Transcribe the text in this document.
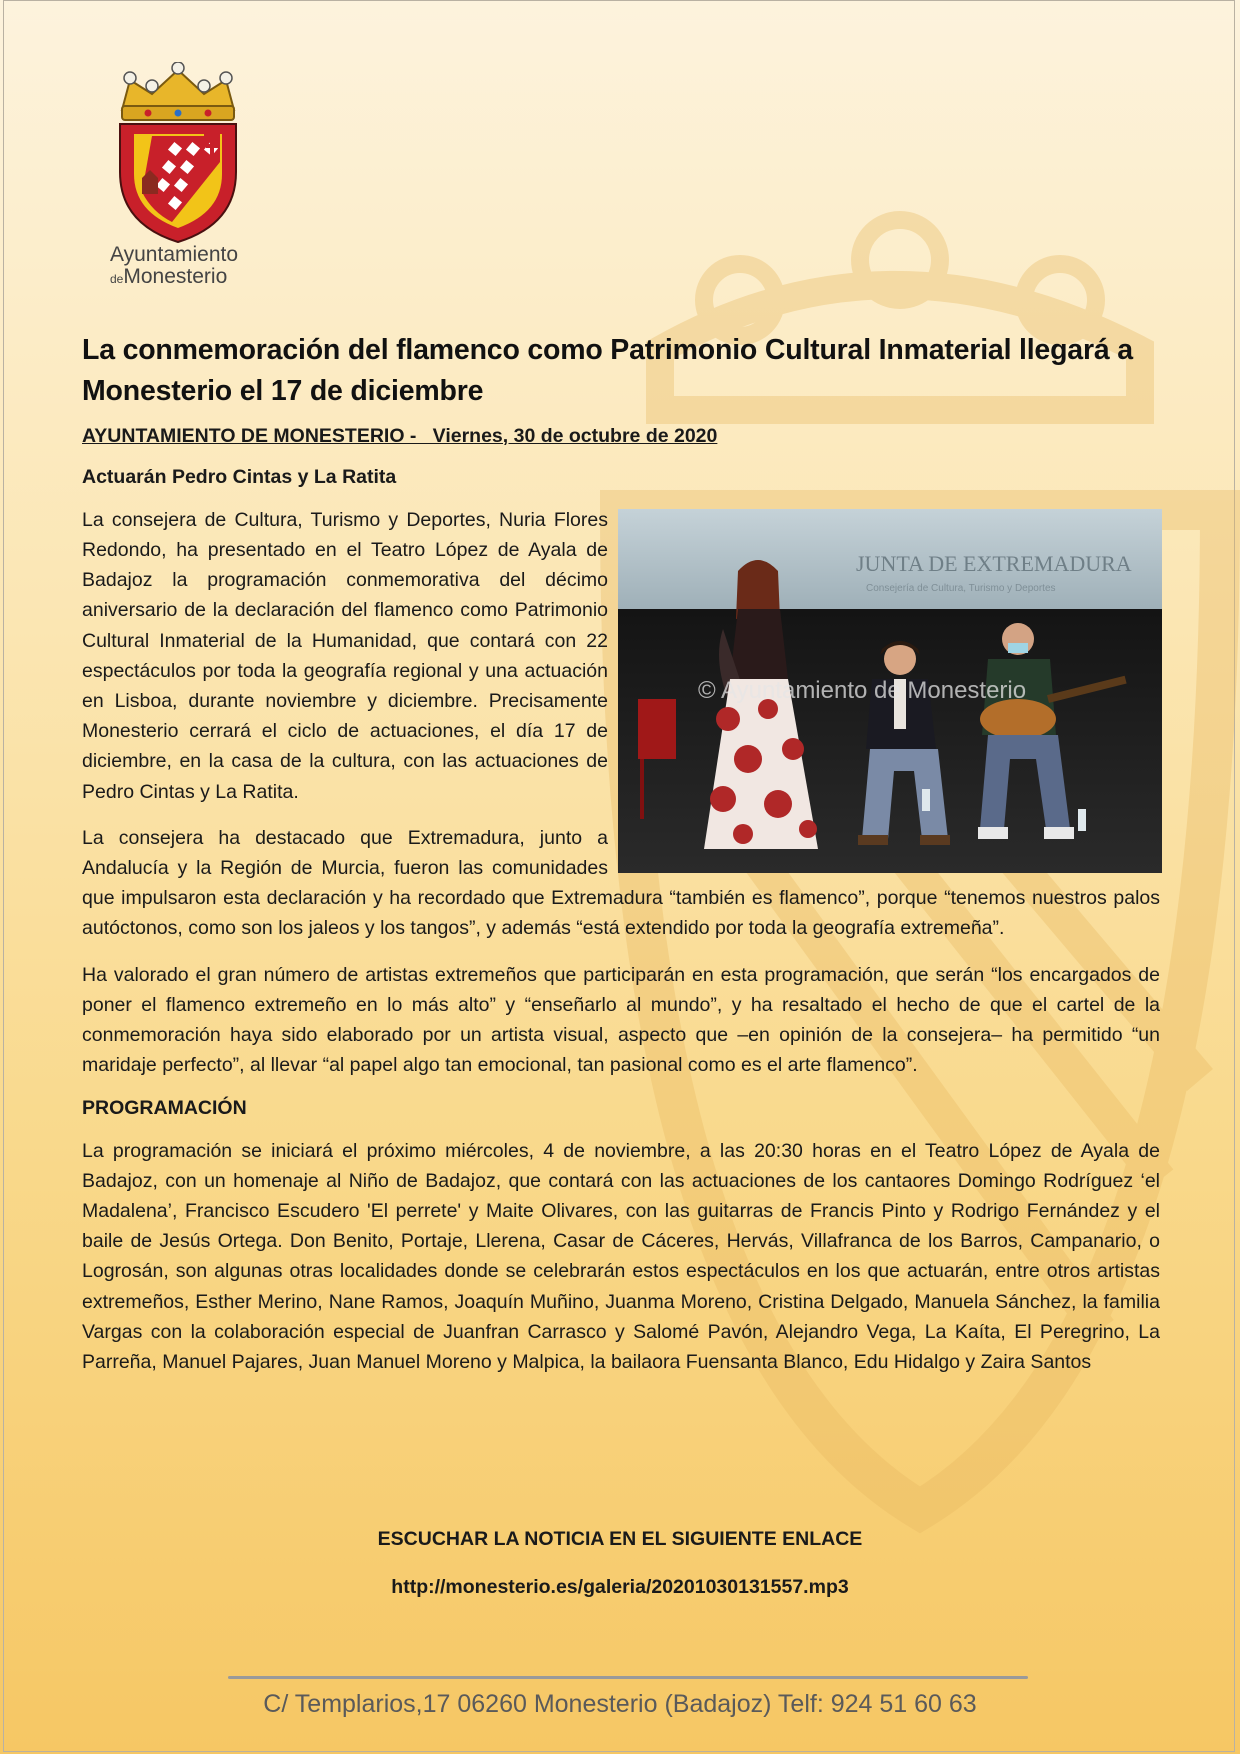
Ayuntamiento
deMonesterio
La conmemoración del flamenco como Patrimonio Cultural Inmaterial llegará a Monesterio el 17 de diciembre
AYUNTAMIENTO DE MONESTERIO -   Viernes, 30 de octubre de 2020
Actuarán Pedro Cintas y La Ratita
JUNTA DE EXTREMADURA
Consejería de Cultura, Turismo y Deportes
© Ayuntamiento de Monesterio

La consejera de Cultura, Turismo y Deportes, Nuria Flores Redondo, ha presentado en el Teatro López de Ayala de Badajoz la programación conmemorativa del décimo aniversario de la declaración del flamenco como Patrimonio Cultural Inmaterial de la Humanidad, que contará con 22 espectáculos por toda la geografía regional y una actuación en Lisboa, durante noviembre y diciembre. Precisamente Monesterio cerrará el ciclo de actuaciones, el día 17 de diciembre, en la casa de la cultura, con las actuaciones de Pedro Cintas y La Ratita.

La consejera ha destacado que Extremadura, junto a Andalucía y la Región de Murcia, fueron las comunidades que impulsaron esta declaración y ha recordado que Extremadura “también es flamenco”, porque “tenemos nuestros palos autóctonos, como son los jaleos y los tangos”, y además “está extendido por toda la geografía extremeña”.

Ha valorado el gran número de artistas extremeños que participarán en esta programación, que serán “los encargados de poner el flamenco extremeño en lo más alto” y “enseñarlo al mundo”, y ha resaltado el hecho de que el cartel de la conmemoración haya sido elaborado por un artista visual, aspecto que –en opinión de la consejera– ha permitido “un maridaje perfecto”, al llevar “al papel algo tan emocional, tan pasional como es el arte flamenco”.

PROGRAMACIÓN

La programación se iniciará el próximo miércoles, 4 de noviembre, a las 20:30 horas en el Teatro López de Ayala de Badajoz, con un homenaje al Niño de Badajoz, que contará con las actuaciones de los cantaores Domingo Rodríguez ‘el Madalena’, Francisco Escudero 'El perrete' y Maite Olivares, con las guitarras de Francis Pinto y Rodrigo Fernández y el baile de Jesús Ortega. Don Benito, Portaje, Llerena, Casar de Cáceres, Hervás, Villafranca de los Barros, Campanario, o Logrosán, son algunas otras localidades donde se celebrarán estos espectáculos en los que actuarán, entre otros artistas extremeños, Esther Merino, Nane Ramos, Joaquín Muñino, Juanma Moreno, Cristina Delgado, Manuela Sánchez, la familia Vargas con la colaboración especial de Juanfran Carrasco y Salomé Pavón, Alejandro Vega, La Kaíta, El Peregrino, La Parreña, Manuel Pajares, Juan Manuel Moreno y Malpica, la bailaora Fuensanta Blanco, Edu Hidalgo y Zaira Santos

ESCUCHAR LA NOTICIA EN EL SIGUIENTE ENLACE
http://monesterio.es/galeria/20201030131557.mp3
C/ Templarios,17 06260 Monesterio (Badajoz) Telf: 924 51 60 63
